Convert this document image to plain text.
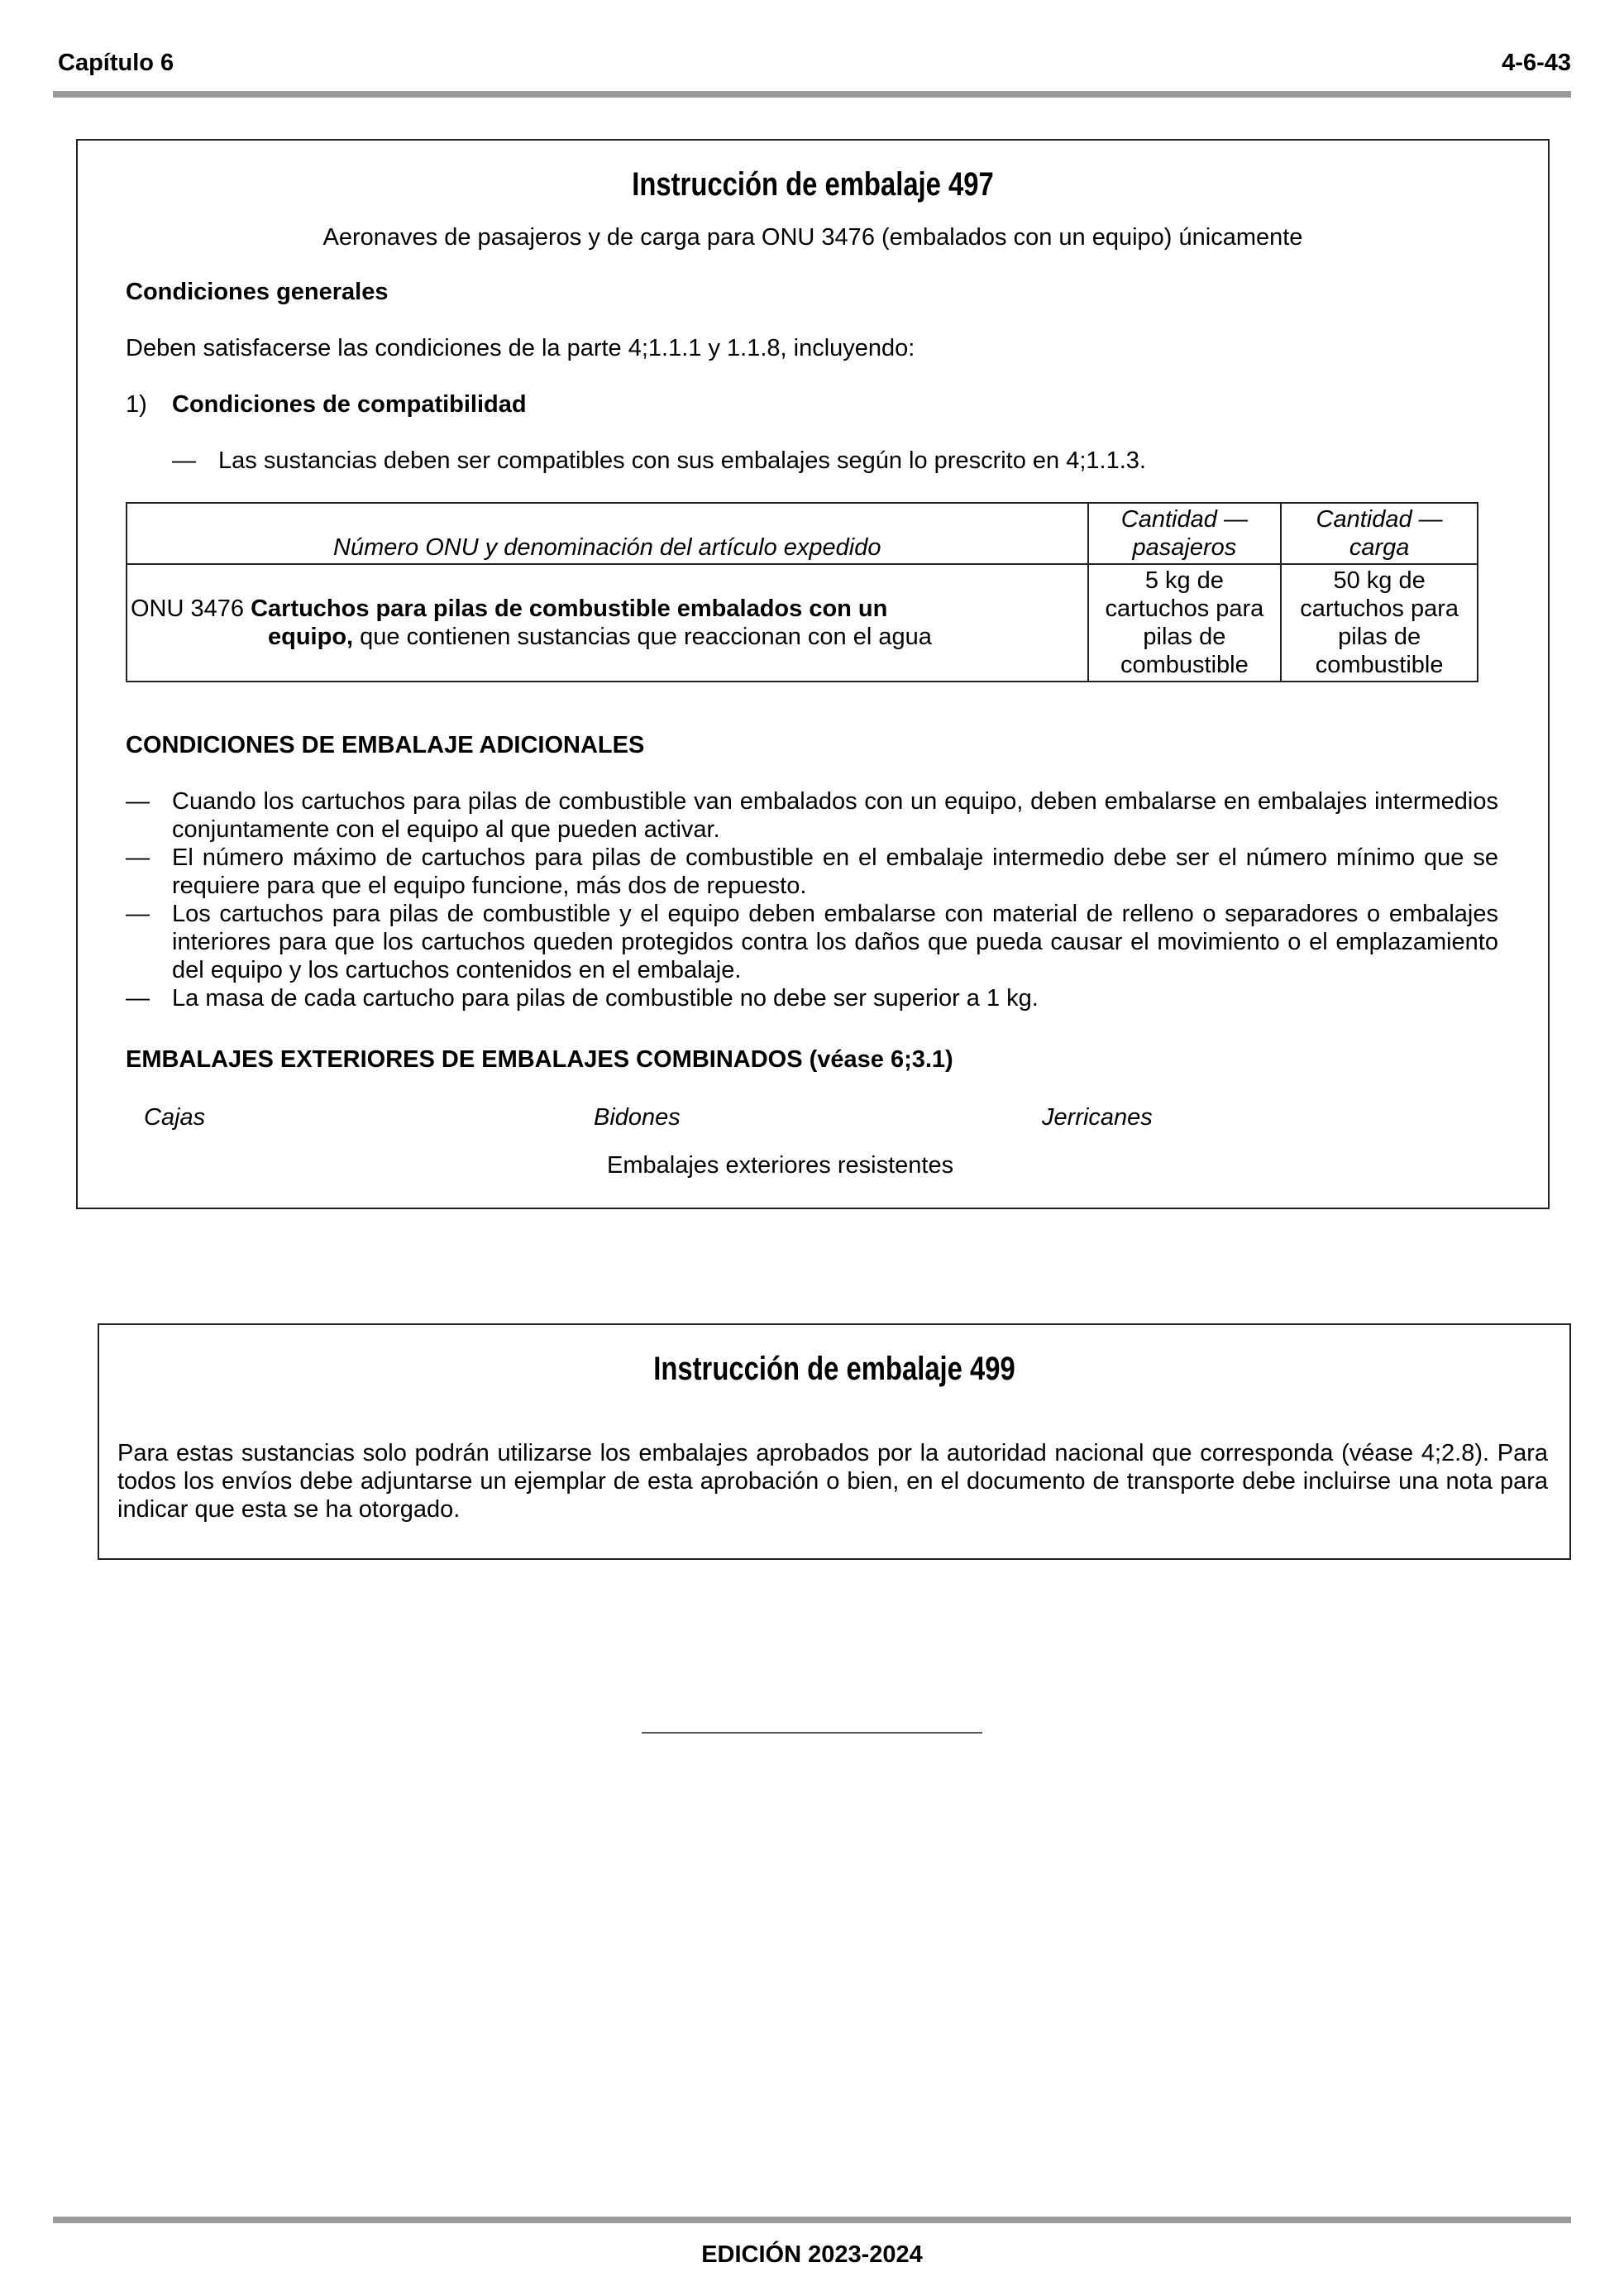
Capítulo 6	4-6-43
Instrucción de embalaje 497
Aeronaves de pasajeros y de carga para ONU 3476 (embalados con un equipo) únicamente
Condiciones generales
Deben satisfacerse las condiciones de la parte 4;1.1.1 y 1.1.8, incluyendo:
1) Condiciones de compatibilidad
— Las sustancias deben ser compatibles con sus embalajes según lo prescrito en 4;1.1.3.
Número ONU y denominación del artículo expedido	Cantidad — pasajeros	Cantidad — carga
ONU 3476 Cartuchos para pilas de combustible embalados con un
equipo, que contienen sustancias que reaccionan con el agua	5 kg de cartuchos para pilas de combustible	50 kg de cartuchos para pilas de combustible
CONDICIONES DE EMBALAJE ADICIONALES
— Cuando los cartuchos para pilas de combustible van embalados con un equipo, deben embalarse en embalajes intermedios conjuntamente con el equipo al que pueden activar.
— El número máximo de cartuchos para pilas de combustible en el embalaje intermedio debe ser el número mínimo que se requiere para que el equipo funcione, más dos de repuesto.
— Los cartuchos para pilas de combustible y el equipo deben embalarse con material de relleno o separadores o embalajes interiores para que los cartuchos queden protegidos contra los daños que pueda causar el movimiento o el emplazamiento del equipo y los cartuchos contenidos en el embalaje.
— La masa de cada cartucho para pilas de combustible no debe ser superior a 1 kg.
EMBALAJES EXTERIORES DE EMBALAJES COMBINADOS (véase 6;3.1)
Cajas	Bidones	Jerricanes
Embalajes exteriores resistentes
Instrucción de embalaje 499
Para estas sustancias solo podrán utilizarse los embalajes aprobados por la autoridad nacional que corresponda (véase 4;2.8). Para todos los envíos debe adjuntarse un ejemplar de esta aprobación o bien, en el documento de transporte debe incluirse una nota para indicar que esta se ha otorgado.
EDICIÓN 2023-2024
